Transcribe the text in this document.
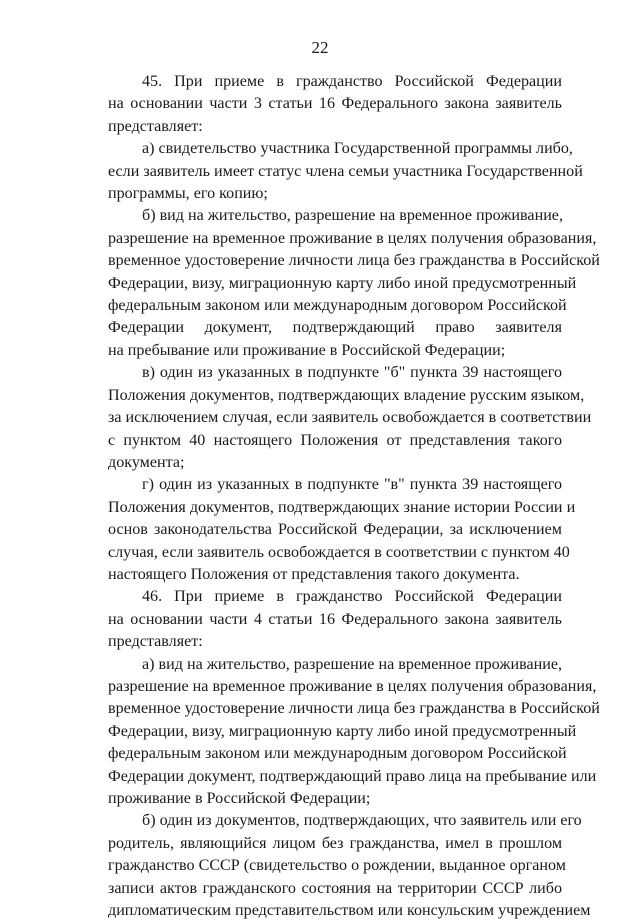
22
45. При приеме в гражданство Российской Федерации
на основании части 3 статьи 16 Федерального закона заявитель
представляет:
а) свидетельство участника Государственной программы либо,
если заявитель имеет статус члена семьи участника Государственной
программы, его копию;
б) вид на жительство, разрешение на временное проживание,
разрешение на временное проживание в целях получения образования,
временное удостоверение личности лица без гражданства в Российской
Федерации, визу, миграционную карту либо иной предусмотренный
федеральным законом или международным договором Российской
Федерации документ, подтверждающий право заявителя
на пребывание или проживание в Российской Федерации;
в) один из указанных в подпункте "б" пункта 39 настоящего
Положения документов, подтверждающих владение русским языком,
за исключением случая, если заявитель освобождается в соответствии
с пунктом 40 настоящего Положения от представления такого
документа;
г) один из указанных в подпункте "в" пункта 39 настоящего
Положения документов, подтверждающих знание истории России и
основ законодательства Российской Федерации, за исключением
случая, если заявитель освобождается в соответствии с пунктом 40
настоящего Положения от представления такого документа.
46. При приеме в гражданство Российской Федерации
на основании части 4 статьи 16 Федерального закона заявитель
представляет:
а) вид на жительство, разрешение на временное проживание,
разрешение на временное проживание в целях получения образования,
временное удостоверение личности лица без гражданства в Российской
Федерации, визу, миграционную карту либо иной предусмотренный
федеральным законом или международным договором Российской
Федерации документ, подтверждающий право лица на пребывание или
проживание в Российской Федерации;
б) один из документов, подтверждающих, что заявитель или его
родитель, являющийся лицом без гражданства, имел в прошлом
гражданство СССР (свидетельство о рождении, выданное органом
записи актов гражданского состояния на территории СССР либо
дипломатическим представительством или консульским учреждением
